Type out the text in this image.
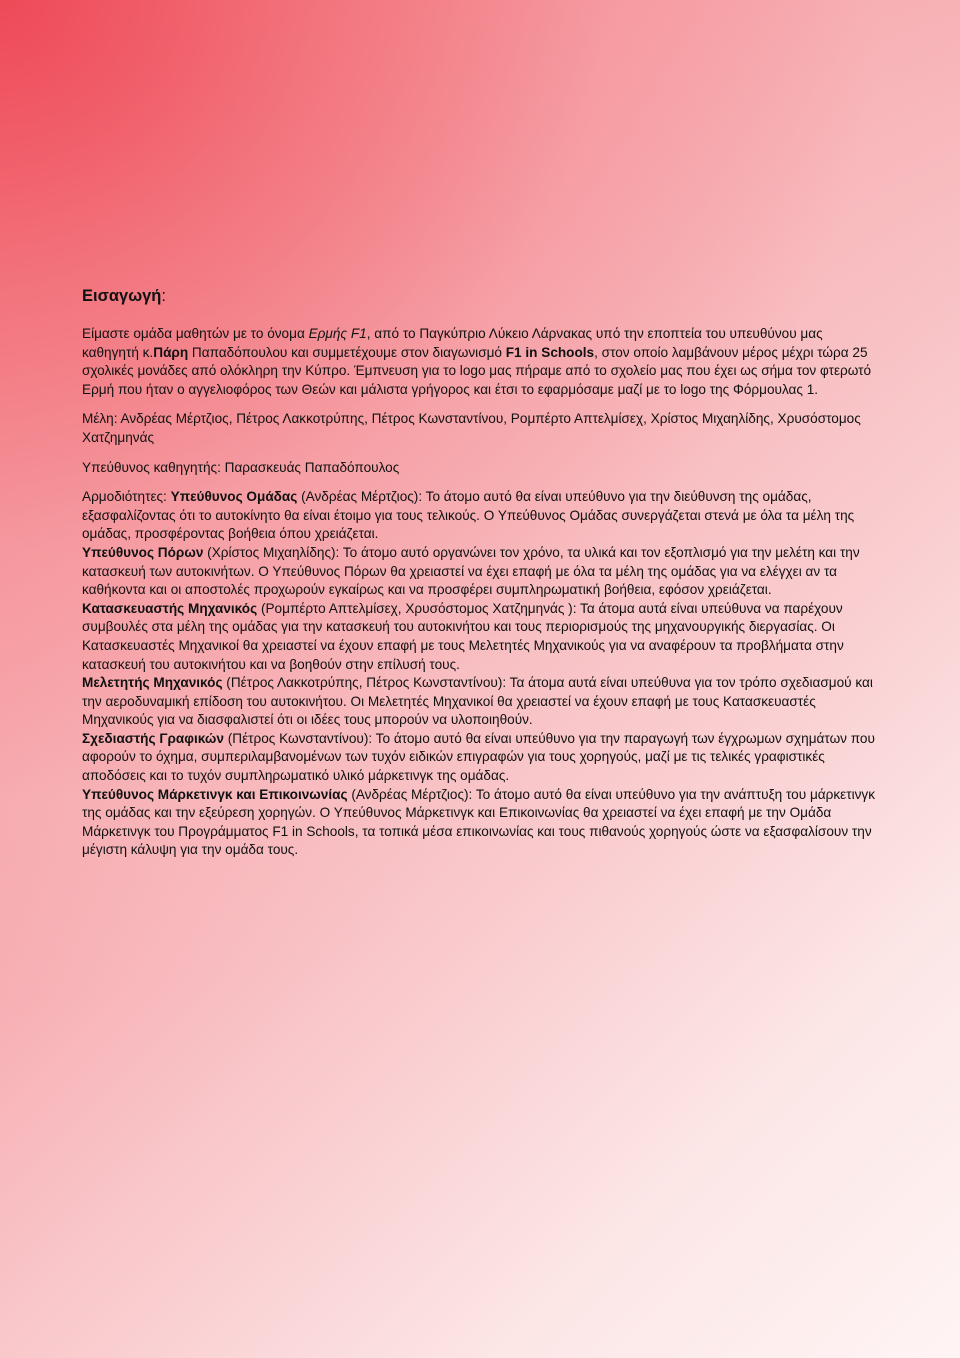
Εισαγωγή:

Είμαστε ομάδα μαθητών με το όνομα Ερμής F1, από το Παγκύπριο Λύκειο Λάρνακας υπό την εποπτεία του υπευθύνου μας καθηγητή κ.Πάρη Παπαδόπουλου και συμμετέχουμε στον διαγωνισμό F1 in Schools, στον οποίο λαμβάνουν μέρος μέχρι τώρα 25 σχολικές μονάδες από ολόκληρη την Κύπρο. Έμπνευση για το logo μας πήραμε από το σχολείο μας που έχει ως σήμα τον φτερωτό Ερμή που ήταν ο αγγελιοφόρος των Θεών και μάλιστα γρήγορος και έτσι το εφαρμόσαμε μαζί με το logo της Φόρμουλας 1.

Μέλη: Ανδρέας Μέρτζιος, Πέτρος Λακκοτρύπης, Πέτρος Κωνσταντίνου, Ρομπέρτο Απτελμίσεχ, Χρίστος Μιχαηλίδης, Χρυσόστομος Χατζημηνάς

Υπεύθυνος καθηγητής: Παρασκευάς Παπαδόπουλος

Αρμοδιότητες: Υπεύθυνος Ομάδας (Ανδρέας Μέρτζιος): Το άτομο αυτό θα είναι υπεύθυνο για την διεύθυνση της ομάδας, εξασφαλίζοντας ότι το αυτοκίνητο θα είναι έτοιμο για τους τελικούς. Ο Υπεύθυνος Ομάδας συνεργάζεται στενά με όλα τα μέλη της ομάδας, προσφέροντας βοήθεια όπου χρειάζεται.

Υπεύθυνος Πόρων (Χρίστος Μιχαηλίδης): Το άτομο αυτό οργανώνει τον χρόνο, τα υλικά και τον εξοπλισμό για την μελέτη και την κατασκευή των αυτοκινήτων. Ο Υπεύθυνος Πόρων θα χρειαστεί να έχει επαφή με όλα τα μέλη της ομάδας για να ελέγχει αν τα καθήκοντα και οι αποστολές προχωρούν εγκαίρως και να προσφέρει συμπληρωματική βοήθεια, εφόσον χρειάζεται.

Κατασκευαστής Μηχανικός (Ρομπέρτο Απτελμίσεχ, Χρυσόστομος Χατζημηνάς ): Τα άτομα αυτά είναι υπεύθυνα να παρέχουν συμβουλές στα μέλη της ομάδας για την κατασκευή του αυτοκινήτου και τους περιορισμούς της μηχανουργικής διεργασίας. Οι Κατασκευαστές Μηχανικοί θα χρειαστεί να έχουν επαφή με τους Μελετητές Μηχανικούς για να αναφέρουν τα προβλήματα στην κατασκευή του αυτοκινήτου και να βοηθούν στην επίλυσή τους.

Μελετητής Μηχανικός (Πέτρος Λακκοτρύπης, Πέτρος Κωνσταντίνου): Τα άτομα αυτά είναι υπεύθυνα για τον τρόπο σχεδιασμού και την αεροδυναμική επίδοση του αυτοκινήτου. Οι Μελετητές Μηχανικοί θα χρειαστεί να έχουν επαφή με τους Κατασκευαστές Μηχανικούς για να διασφαλιστεί ότι οι ιδέες τους μπορούν να υλοποιηθούν.

Σχεδιαστής Γραφικών (Πέτρος Κωνσταντίνου): Το άτομο αυτό θα είναι υπεύθυνο για την παραγωγή των έγχρωμων σχημάτων που αφορούν το όχημα, συμπεριλαμβανομένων των τυχόν ειδικών επιγραφών για τους χορηγούς, μαζί με τις τελικές γραφιστικές αποδόσεις και το τυχόν συμπληρωματικό υλικό μάρκετινγκ της ομάδας.

Υπεύθυνος Μάρκετινγκ και Επικοινωνίας (Ανδρέας Μέρτζιος): Το άτομο αυτό θα είναι υπεύθυνο για την ανάπτυξη του μάρκετινγκ της ομάδας και την εξεύρεση χορηγών. Ο Υπεύθυνος Μάρκετινγκ και Επικοινωνίας θα χρειαστεί να έχει επαφή με την Ομάδα Μάρκετινγκ του Προγράμματος F1 in Schools, τα τοπικά μέσα επικοινωνίας και τους πιθανούς χορηγούς ώστε να εξασφαλίσουν την μέγιστη κάλυψη για την ομάδα τους.
